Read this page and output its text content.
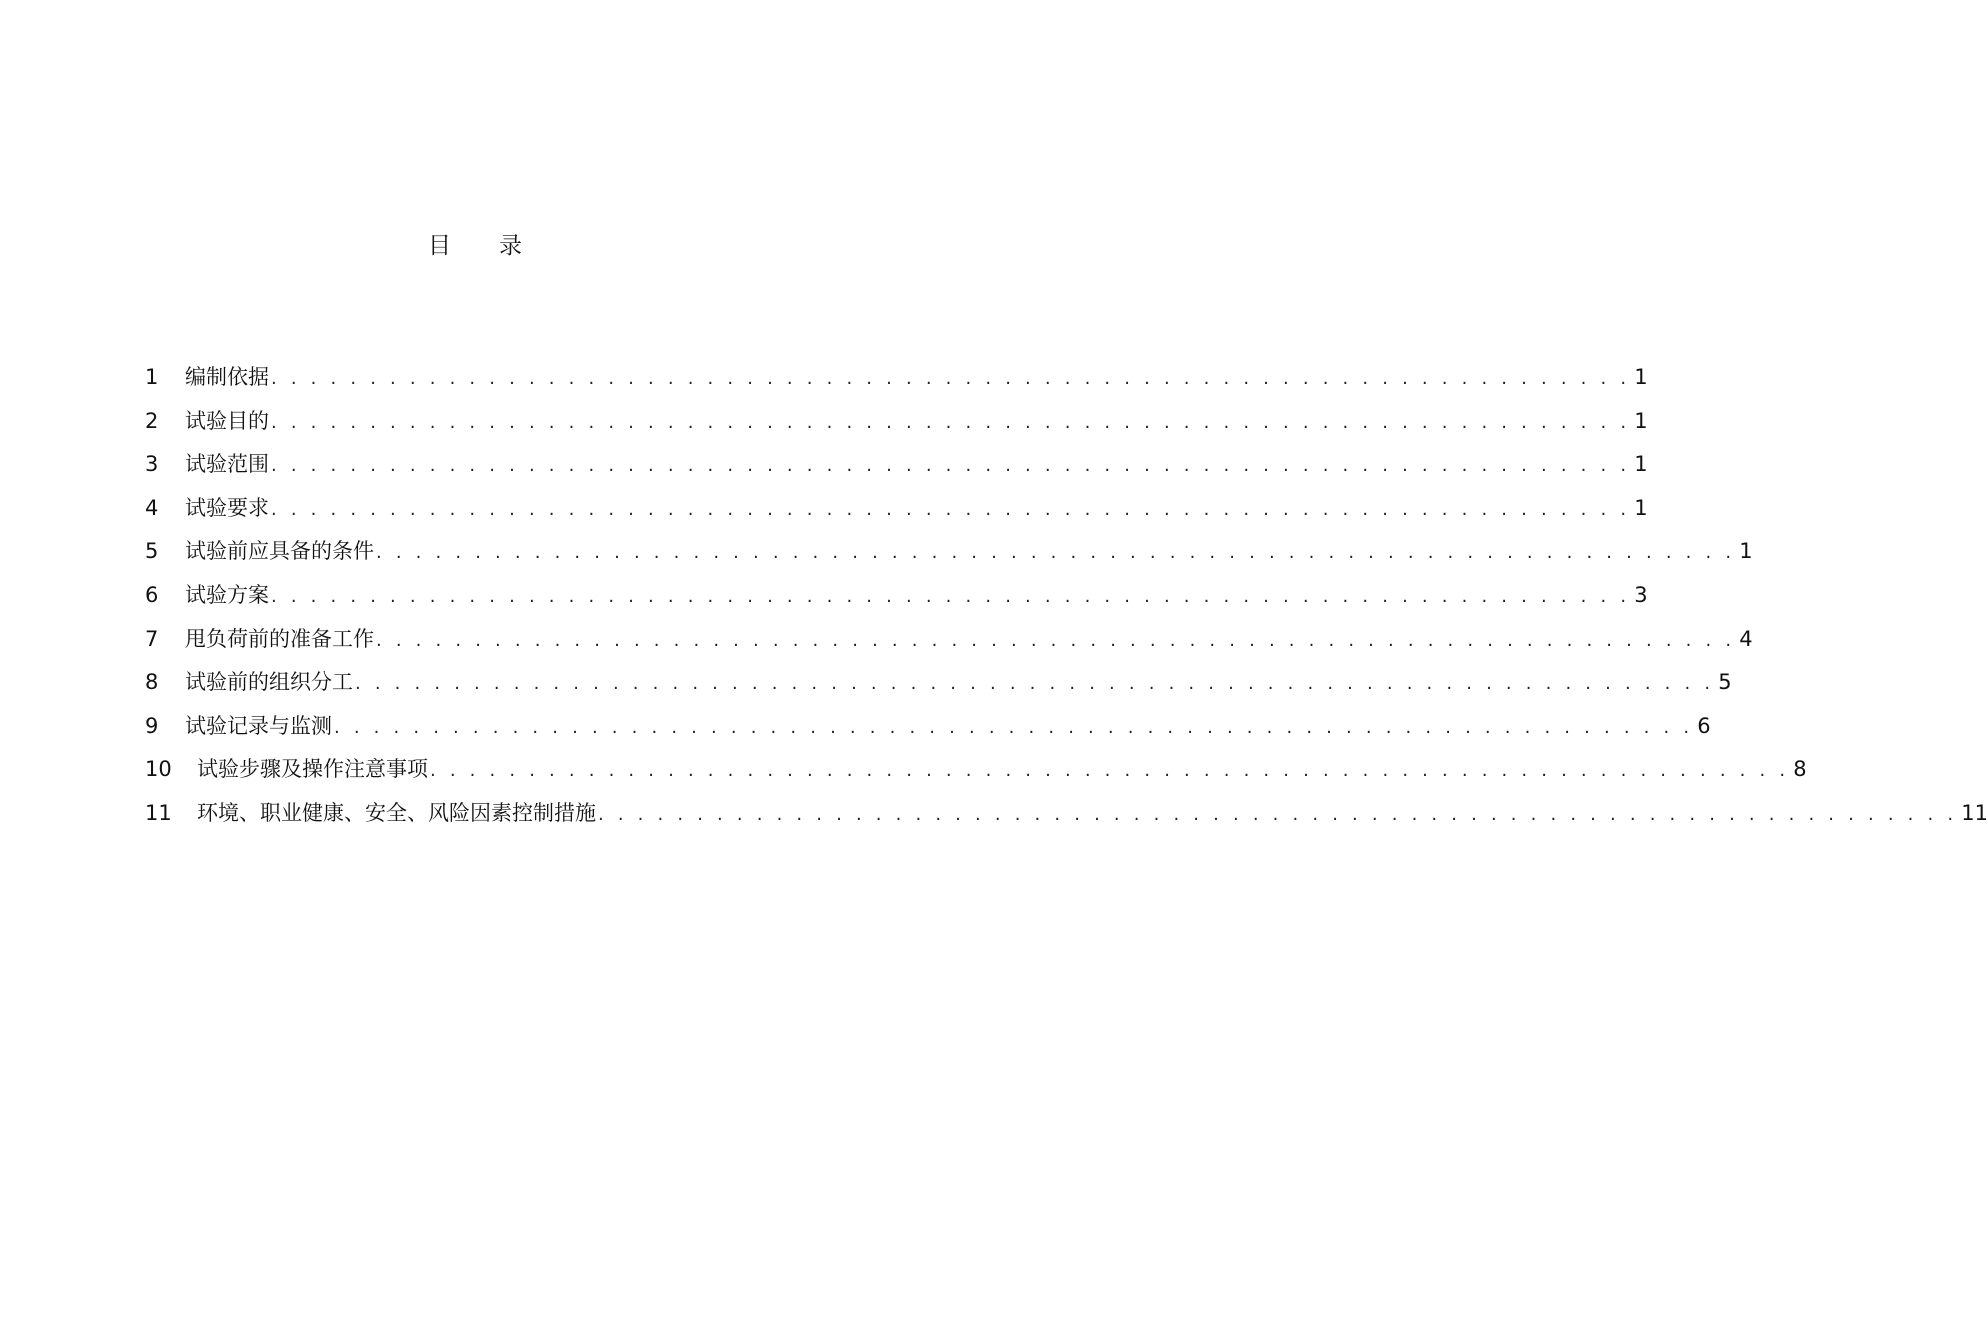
目 录
1	编制依据 . . . . . . . . . . . . . . . . . . . . . . . . . . . . . . . . . . . . . . . . . . . . . . . . . . . . . . . . . . . . . . . . . . . . . 1
2	试验目的 . . . . . . . . . . . . . . . . . . . . . . . . . . . . . . . . . . . . . . . . . . . . . . . . . . . . . . . . . . . . . . . . . . . . . 1
3	试验范围 . . . . . . . . . . . . . . . . . . . . . . . . . . . . . . . . . . . . . . . . . . . . . . . . . . . . . . . . . . . . . . . . . . . . . 1
4	试验要求 . . . . . . . . . . . . . . . . . . . . . . . . . . . . . . . . . . . . . . . . . . . . . . . . . . . . . . . . . . . . . . . . . . . . . 1
5	试验前应具备的条件 . . . . . . . . . . . . . . . . . . . . . . . . . . . . . . . . . . . . . . . . . . . . . . . . . . . . . . . . . . . . . . . . . . . . . 1
6	试验方案 . . . . . . . . . . . . . . . . . . . . . . . . . . . . . . . . . . . . . . . . . . . . . . . . . . . . . . . . . . . . . . . . . . . . . 3
7	甩负荷前的准备工作 . . . . . . . . . . . . . . . . . . . . . . . . . . . . . . . . . . . . . . . . . . . . . . . . . . . . . . . . . . . . . . . . . . . . . 4
8	试验前的组织分工 . . . . . . . . . . . . . . . . . . . . . . . . . . . . . . . . . . . . . . . . . . . . . . . . . . . . . . . . . . . . . . . . . . . . . 5
9	试验记录与监测 . . . . . . . . . . . . . . . . . . . . . . . . . . . . . . . . . . . . . . . . . . . . . . . . . . . . . . . . . . . . . . . . . . . . . 6
10	试验步骤及操作注意事项 . . . . . . . . . . . . . . . . . . . . . . . . . . . . . . . . . . . . . . . . . . . . . . . . . . . . . . . . . . . . . . . . . . . . . 8
11	环境、职业健康、安全、风险因素控制措施 . . . . . . . . . . . . . . . . . . . . . . . . . . . . . . . . . . . . . . . . . . . . . . . . . . . . . . . . . . . . . . . . . . . . . 11
